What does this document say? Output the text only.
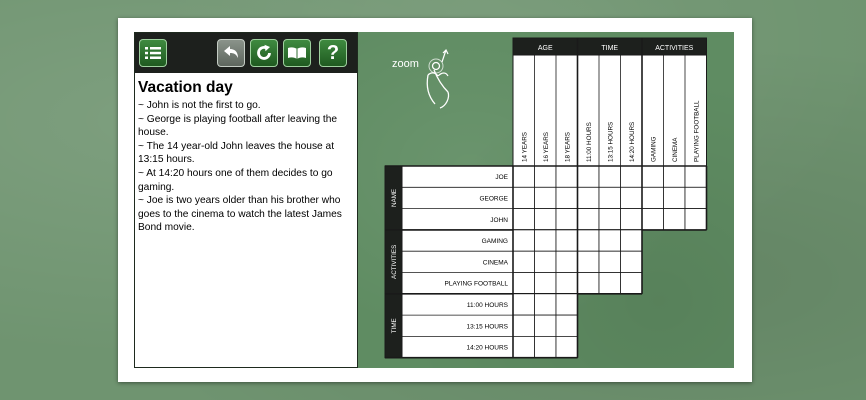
?
Vacation day
~ John is not the first to go.
~ George is playing football after leaving the house.
~ The 14 year-old John leaves the house at 13:15 hours.
~ At 14:20 hours one of them decides to go gaming.
~ Joe is two years older than his brother who goes to the cinema to watch the latest James Bond movie.
zoom
AGE
14 YEARS 16 YEARS 18 YEARS
TIME
11:00 HOURS 13:15 HOURS 14:20 HOURS
ACTIVITIES
GAMING CINEMA PLAYING FOOTBALL
NAME
JOE
GEORGE
JOHN
ACTIVITIES
GAMING
CINEMA
PLAYING FOOTBALL
TIME
11:00 HOURS
13:15 HOURS
14:20 HOURS
